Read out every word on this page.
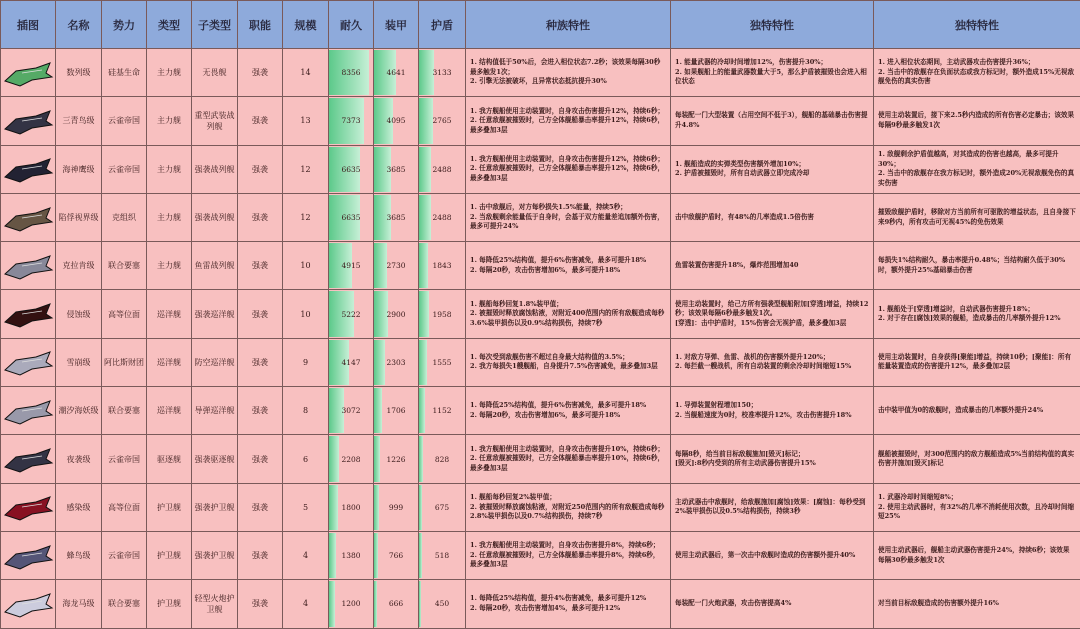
插图	名称	势力	类型	子类型	职能	规模	耐久	装甲	护盾	种族特性	独特特性	独特特性

	数列级	硅基生命	主力舰	无畏舰	强袭	14	8356	4641	3133	1. 结构值低于50%后，会进入相位状态7.2秒；该效果每隔30秒最多触发1次；
2. 引擎无法被破坏，且异常状态抵抗提升30%	1. 能量武器的冷却时间增加12%，伤害提升30%；
2. 如果舰船上的能量武器数量大于5，那么护盾被摧毁也会进入相位状态	1. 进入相位状态期间，主动武器攻击伤害提升36%；
2. 当击中的敌舰存在负面状态或我方标记时，额外造成15%无视敌舰免伤的真实伤害

	三青鸟级	云雀帝国	主力舰	重型武装战列舰	强袭	13	7373	4095	2765	1. 我方舰船使用主动装置时，自身攻击伤害提升12%，持续6秒；
2. 任意敌舰被摧毁时，己方全体舰船暴击率提升12%，持续6秒，最多叠加3层	每装配一门大型装置（占用空间不低于3），舰船的基础暴击伤害提升4.8%	使用主动装置后，接下来2.5秒内造成的所有伤害必定暴击；该效果每隔9秒最多触发1次

	海神鹰级	云雀帝国	主力舰	强袭战列舰	强袭	12	6635	3685	2488	1. 我方舰船使用主动装置时，自身攻击伤害提升12%，持续6秒；
2. 任意敌舰被摧毁时，己方全体舰船暴击率提升12%，持续6秒，最多叠加3层	1. 舰船造成的实弹类型伤害额外增加10%；
2. 护盾被摧毁时，所有自动武器立即完成冷却	1. 敌舰剩余护盾值越高，对其造成的伤害也越高，最多可提升30%；
2. 当击中的敌舰存在我方标记时，额外造成20%无视敌舰免伤的真实伤害

	陷俘视界级	克组织	主力舰	强袭战列舰	强袭	12	6635	3685	2488	1. 击中敌舰后，对方每秒损失1.5%能量，持续5秒；
2. 当敌舰剩余能量低于自身时，会基于双方能量差追加额外伤害，最多可提升24%	击中敌舰护盾时，有48%的几率造成1.5倍伤害	摧毁敌舰护盾时，移除对方当前所有可驱散的增益状态，且自身接下来9秒内，所有攻击可无视45%的免伤效果

	克拉肯级	联合要塞	主力舰	鱼雷战列舰	强袭	10	4915	2730	1843	1. 每降低25%结构值，提升6%伤害减免，最多可提升18%
2. 每隔20秒，攻击伤害增加6%，最多可提升18%	鱼雷装置伤害提升18%，爆炸范围增加40	每损失1%结构耐久，暴击率提升0.48%；当结构耐久低于30%时，额外提升25%基础暴击伤害

	侵蚀级	高等位面	巡洋舰	强袭巡洋舰	强袭	10	5222	2900	1958	1. 舰船每秒回复1.8%装甲值；
2. 被摧毁时释放腐蚀粘液，对附近400范围内的所有敌舰造成每秒3.6%装甲损伤以及0.9%结构损伤，持续7秒	使用主动装置时，给己方所有强袭型舰船附加[穿透]增益，持续12秒；该效果每隔6秒最多触发1次。
[穿透]：击中护盾时，15%伤害会无视护盾，最多叠加3层	1. 舰船处于[穿透]增益时，自动武器伤害提升18%；
2. 对于存在[腐蚀]效果的舰船，造成暴击的几率额外提升12%

	雪崩级	阿比斯财团	巡洋舰	防空巡洋舰	强袭	9	4147	2303	1555	1. 每次受到敌舰伤害不超过自身最大结构值的3.5%；
2. 我方每损失1艘舰船，自身提升7.5%伤害减免，最多叠加3层	1. 对敌方导弹、鱼雷、战机的伤害额外提升120%；
2. 每拦截一艘战机，所有自动装置的剩余冷却时间缩短15%	使用主动装置时，自身获得[聚能]增益，持续10秒；[聚能]：所有能量装置造成的伤害提升12%，最多叠加2层

	潮汐海妖级	联合要塞	巡洋舰	导弹巡洋舰	强袭	8	3072	1706	1152	1. 每降低25%结构值，提升6%伤害减免，最多可提升18%
2. 每隔20秒，攻击伤害增加6%，最多可提升18%	1. 导弹装置射程增加150；
2. 当舰船速度为0时，校准率提升12%，攻击伤害提升18%	击中装甲值为0的敌舰时，造成暴击的几率额外提升24%

	夜袭级	云雀帝国	驱逐舰	强袭驱逐舰	强袭	6	2208	1226	828	1. 我方舰船使用主动装置时，自身攻击伤害提升10%，持续6秒；
2. 任意敌舰被摧毁时，己方全体舰船暴击率提升10%，持续6秒，最多叠加3层	每隔8秒，给当前目标敌舰施加[毁灭]标记；
[毁灭]:8秒内受到的所有主动武器伤害提升15%	舰船被摧毁时，对300范围内的敌方舰船造成5%当前结构值的真实伤害并施加[毁灭]标记

	感染级	高等位面	护卫舰	强袭护卫舰	强袭	5	1800	999	675	1. 舰船每秒回复2%装甲值；
2. 被摧毁时释放腐蚀粘液，对附近250范围内的所有敌舰造成每秒2.8%装甲损伤以及0.7%结构损伤，持续7秒	主动武器击中敌舰时，给敌舰施加[腐蚀]效果：[腐蚀]：每秒受到2%装甲损伤以及0.5%结构损伤，持续3秒	1. 武器冷却时间缩短8%；
2. 使用主动武器时，有32%的几率不消耗使用次数，且冷却时间缩短25%

	蜂鸟级	云雀帝国	护卫舰	强袭护卫舰	强袭	4	1380	766	518	1. 我方舰船使用主动装置时，自身攻击伤害提升8%，持续6秒；
2. 任意敌舰被摧毁时，己方全体舰船暴击率提升8%，持续6秒，最多叠加3层	使用主动武器后，第一次击中敌舰时造成的伤害额外提升40%	使用主动武器后，舰船主动武器伤害提升24%，持续6秒；该效果每隔30秒最多触发1次

	海龙马级	联合要塞	护卫舰	轻型火炮护卫舰	强袭	4	1200	666	450	1. 每降低25%结构值，提升4%伤害减免，最多可提升12%
2. 每隔20秒，攻击伤害增加4%，最多可提升12%	每装配一门火炮武器，攻击伤害提高4%	对当前目标敌舰造成的伤害额外提升16%
